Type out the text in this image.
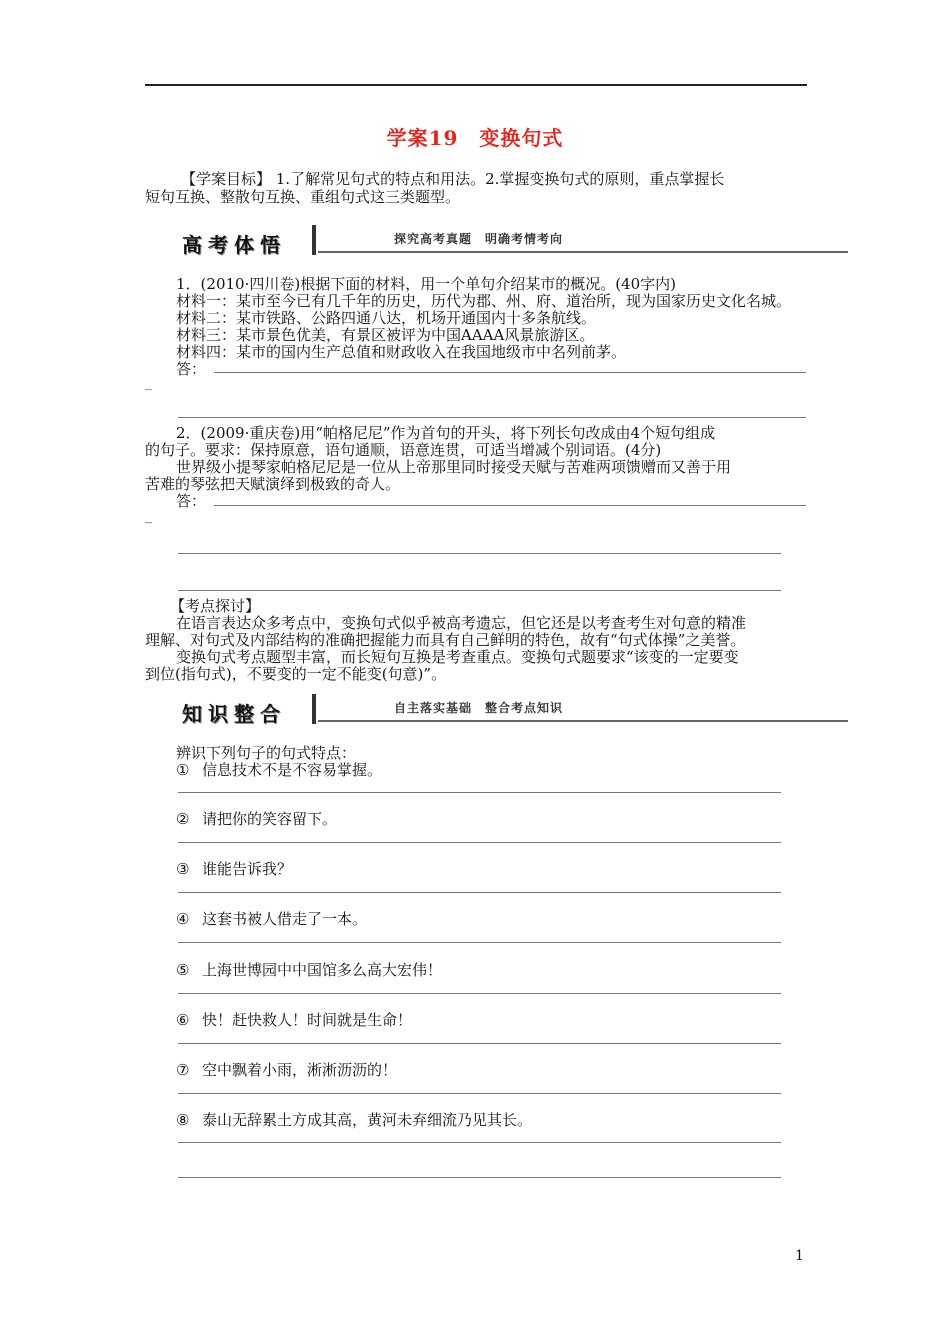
学案19　变换句式
【学案目标】 1.了解常见句式的特点和用法。2.掌握变换句式的原则，重点掌握长
短句互换、整散句互换、重组句式这三类题型。
高考体悟	探究高考真题　明确考情考向
1．(2010·四川卷)根据下面的材料，用一个单句介绍某市的概况。(40字内)
材料一：某市至今已有几千年的历史，历代为郡、州、府、道治所，现为国家历史文化名城。
材料二：某市铁路、公路四通八达，机场开通国内十多条航线。
材料三：某市景色优美，有景区被评为中国AAAA风景旅游区。
材料四：某市的国内生产总值和财政收入在我国地级市中名列前茅。
答：
_
2．(2009·重庆卷)用“帕格尼尼”作为首句的开头，将下列长句改成由4个短句组成
的句子。要求：保持原意，语句通顺，语意连贯，可适当增减个别词语。(4分)
世界级小提琴家帕格尼尼是一位从上帝那里同时接受天赋与苦难两项馈赠而又善于用
苦难的琴弦把天赋演绎到极致的奇人。
答：
_
【考点探讨】
在语言表达众多考点中，变换句式似乎被高考遗忘，但它还是以考查考生对句意的精准
理解、对句式及内部结构的准确把握能力而具有自己鲜明的特色，故有“句式体操”之美誉。
变换句式考点题型丰富，而长短句互换是考查重点。变换句式题要求“该变的一定要变
到位(指句式)，不要变的一定不能变(句意)”。
知识整合	自主落实基础　整合考点知识
辨识下列句子的句式特点：
① 信息技术不是不容易掌握。
② 请把你的笑容留下。
③ 谁能告诉我？
④ 这套书被人借走了一本。
⑤ 上海世博园中中国馆多么高大宏伟！
⑥ 快！赶快救人！时间就是生命！
⑦ 空中飘着小雨，淅淅沥沥的！
⑧ 泰山无辞累土方成其高，黄河未弃细流乃见其长。
1
